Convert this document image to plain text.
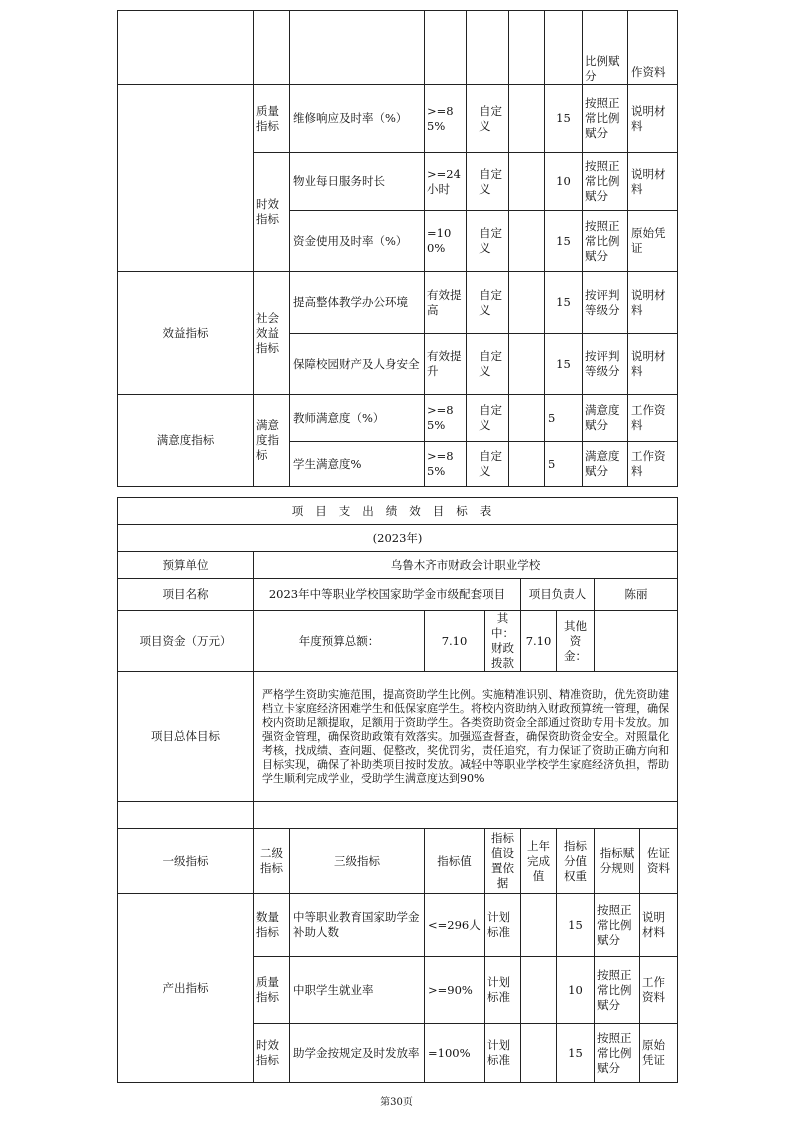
							比例赋分	作资料
	质量指标	维修响应及时率（%）	>=85%	自定义		15	按照正常比例赋分	说明材料
	时效指标	物业每日服务时长	>=24小时	自定义		10	按照正常比例赋分	说明材料
		资金使用及时率（%）	=100%	自定义		15	按照正常比例赋分	原始凭证
效益指标	社会效益指标	提高整体教学办公环境	有效提高	自定义		15	按评判等级分	说明材料
		保障校园财产及人身安全	有效提升	自定义		15	按评判等级分	说明材料
满意度指标	满意度指标	教师满意度（%）	>=85%	自定义		5	满意度赋分	工作资料
		学生满意度%	>=85%	自定义		5	满意度赋分	工作资料
项目支出绩效目标表								
(2023年)								
预算单位	乌鲁木齐市财政会计职业学校							
项目名称	2023年中等职业学校国家助学金市级配套项目				项目负责人		陈丽	
项目资金（万元）	年度预算总额：		7.10	其中：财政拨款	7.10	其他资金：		
项目总体目标	严格学生资助实施范围，提高资助学生比例。实施精准识别、精准资助，优先资助建档立卡家庭经济困难学生和低保家庭学生。将校内资助纳入财政预算统一管理，确保校内资助足额提取，足额用于资助学生。各类资助资金全部通过资助专用卡发放。加强资金管理，确保资助政策有效落实。加强巡查督查，确保资助资金安全。对照量化考核，找成绩、查问题、促整改，奖优罚劣，责任追究，有力保证了资助正确方向和目标实现，确保了补助类项目按时发放。减轻中等职业学校学生家庭经济负担，帮助学生顺利完成学业，受助学生满意度达到90%							

一级指标	二级指标	三级指标	指标值	指标值设置依据	上年完成值	指标分值权重	指标赋分规则	佐证资料
产出指标	数量指标	中等职业教育国家助学金补助人数	<=296人	计划标准		15	按照正常比例赋分	说明材料
	质量指标	中职学生就业率	>=90%	计划标准		10	按照正常比例赋分	工作资料
	时效指标	助学金按规定及时发放率	=100%	计划标准		15	按照正常比例赋分	原始凭证
第30页
